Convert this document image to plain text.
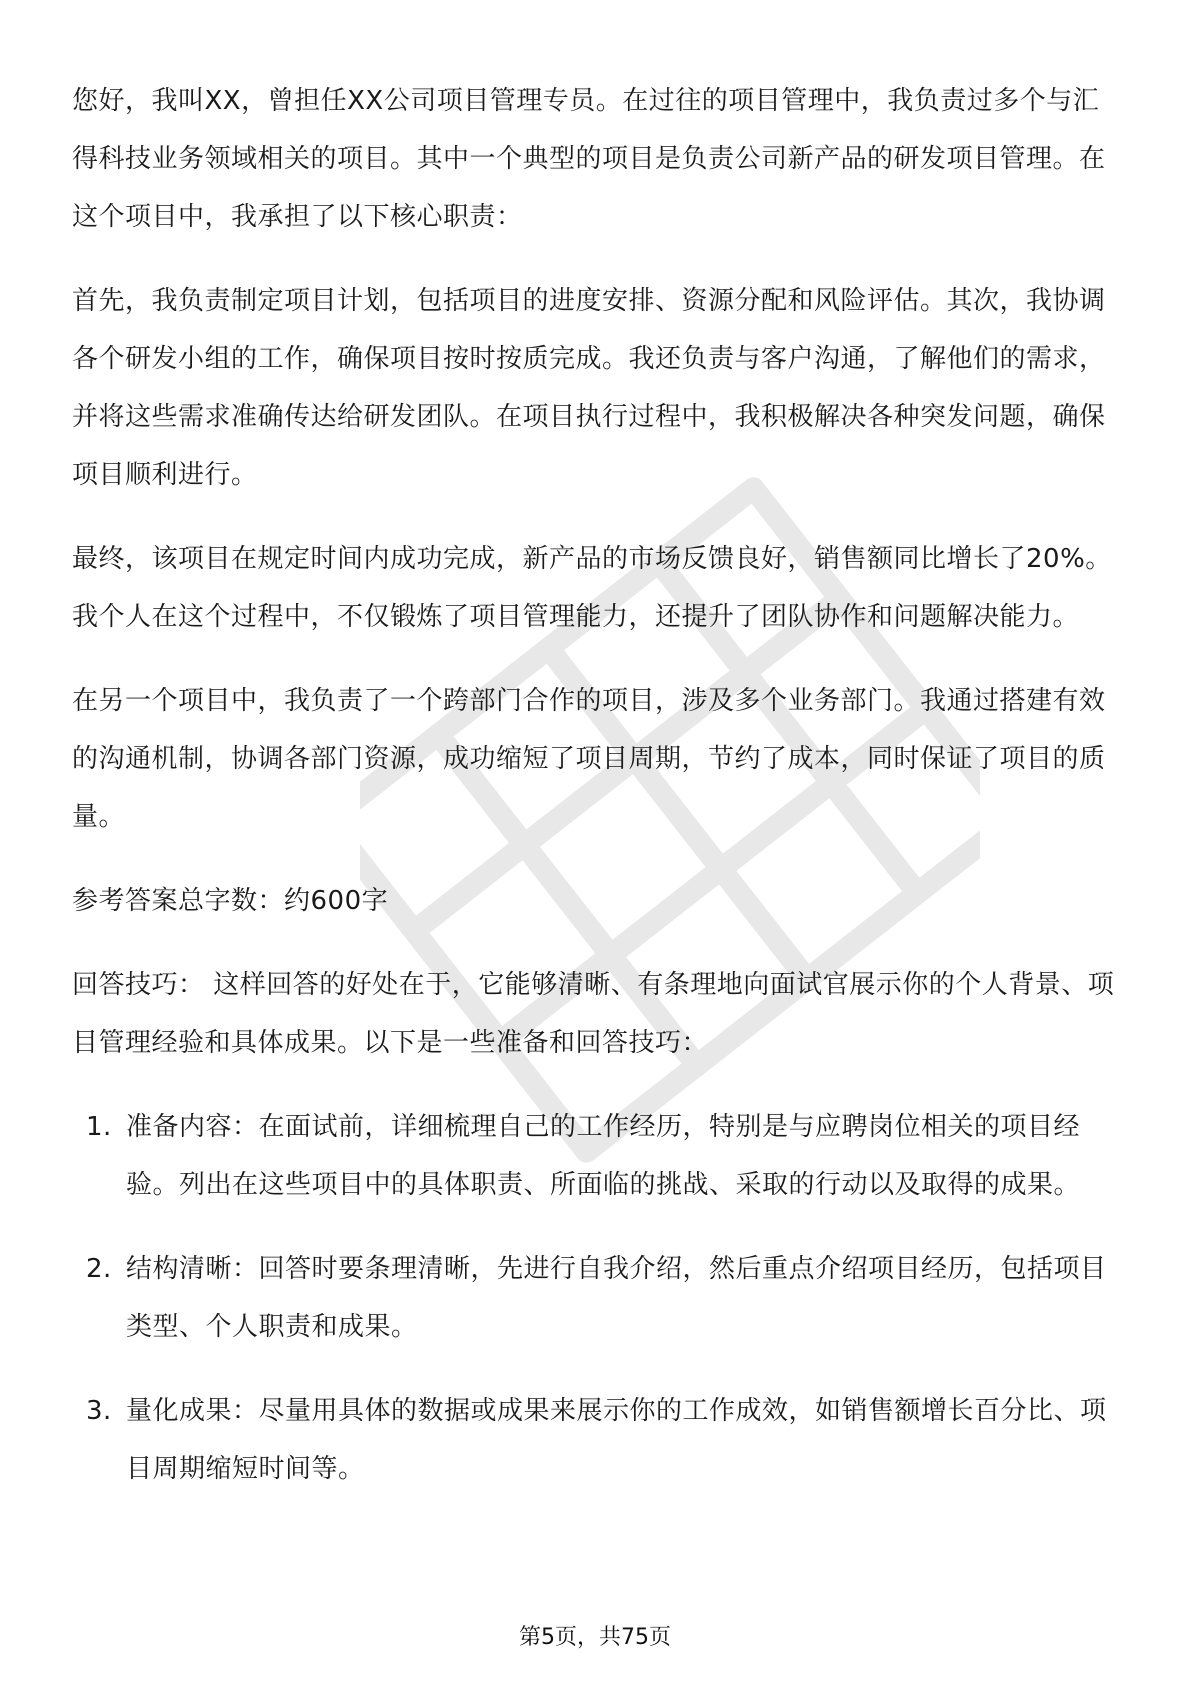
您好，我叫XX，曾担任XX公司项目管理专员。在过往的项目管理中，我负责过多个与汇得科技业务领域相关的项目。其中一个典型的项目是负责公司新产品的研发项目管理。在这个项目中，我承担了以下核心职责：

首先，我负责制定项目计划，包括项目的进度安排、资源分配和风险评估。其次，我协调各个研发小组的工作，确保项目按时按质完成。我还负责与客户沟通，了解他们的需求，并将这些需求准确传达给研发团队。在项目执行过程中，我积极解决各种突发问题，确保项目顺利进行。

最终，该项目在规定时间内成功完成，新产品的市场反馈良好，销售额同比增长了20%。我个人在这个过程中，不仅锻炼了项目管理能力，还提升了团队协作和问题解决能力。

在另一个项目中，我负责了一个跨部门合作的项目，涉及多个业务部门。我通过搭建有效的沟通机制，协调各部门资源，成功缩短了项目周期，节约了成本，同时保证了项目的质量。

参考答案总字数：约600字

回答技巧： 这样回答的好处在于，它能够清晰、有条理地向面试官展示你的个人背景、项目管理经验和具体成果。以下是一些准备和回答技巧：

1. 准备内容：在面试前，详细梳理自己的工作经历，特别是与应聘岗位相关的项目经验。列出在这些项目中的具体职责、所面临的挑战、采取的行动以及取得的成果。
2. 结构清晰：回答时要条理清晰，先进行自我介绍，然后重点介绍项目经历，包括项目类型、个人职责和成果。
3. 量化成果：尽量用具体的数据或成果来展示你的工作成效，如销售额增长百分比、项目周期缩短时间等。
第5页，共75页
